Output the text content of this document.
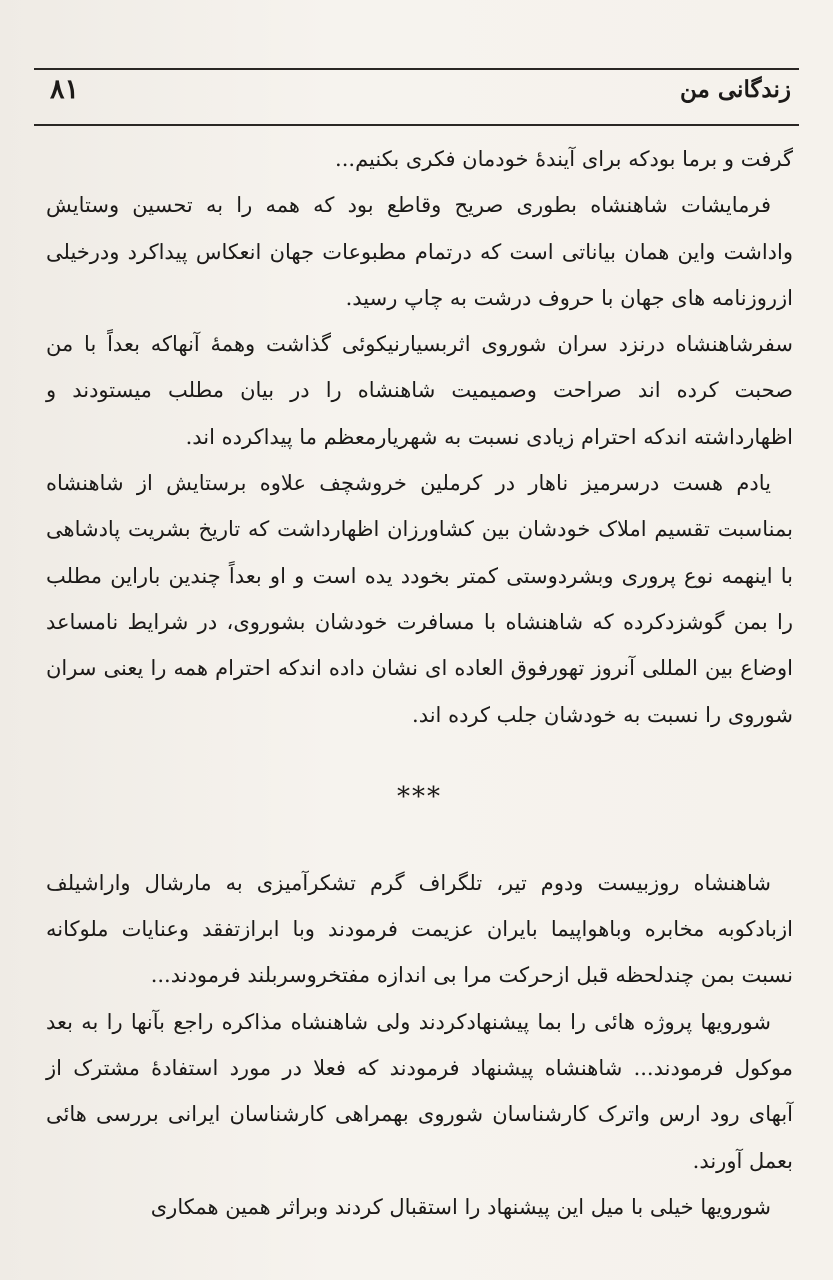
زندگانی من
۸۱

گرفت و برما بودکه برای آیندهٔ خودمان فکری بکنیم...

فرمایشات شاهنشاه بطوری صریح وقاطع بود که همه را به تحسین وستایش واداشت واین همان بیاناتی است که درتمام مطبوعات جهان انعکاس پیداکرد ودرخیلی ازروزنامه های جهان با حروف درشت به چاپ رسید.

سفرشاهنشاه درنزد سران شوروی اثربسیارنیکوئی گذاشت وهمهٔ آنهاکه بعداً با من صحبت کرده اند صراحت وصمیمیت شاهنشاه را در بیان مطلب میستودند و اظهارداشته اندکه احترام زیادی نسبت به شهریارمعظم ما پیداکرده اند.

یادم هست درسرمیز ناهار در کرملین خروشچف علاوه برستایش از شاهنشاه بمناسبت تقسیم املاک خودشان بین کشاورزان اظهارداشت که تاریخ بشریت پادشاهی با اینهمه نوع پروری وبشردوستی کمتر بخودد یده است و او بعداً چندین باراین مطلب را بمن گوشزدکرده که شاهنشاه با مسافرت خودشان بشوروی، در شرایط نامساعد اوضاع بین المللی آنروز تهورفوق العاده ای نشان داده اندکه احترام همه را یعنی سران شوروی را نسبت به خودشان جلب کرده اند.

***

شاهنشاه روزبیست ودوم تیر، تلگراف گرم تشکرآمیزی به مارشال واراشیلف ازبادکوبه مخابره وباهواپیما بایران عزیمت فرمودند وبا ابرازتفقد وعنایات ملوکانه نسبت بمن چندلحظه قبل ازحرکت مرا بی اندازه مفتخروسربلند فرمودند...

شورویها پروژه هائی را بما پیشنهادکردند ولی شاهنشاه مذاکره راجع بآنها را به بعد موکول فرمودند... شاهنشاه پیشنهاد فرمودند که فعلا در مورد استفادهٔ مشترک از آبهای رود ارس واترک کارشناسان شوروی بهمراهی کارشناسان ایرانی بررسی هائی بعمل آورند.

شورویها خیلی با میل این پیشنهاد را استقبال کردند وبراثر همین همکاری
